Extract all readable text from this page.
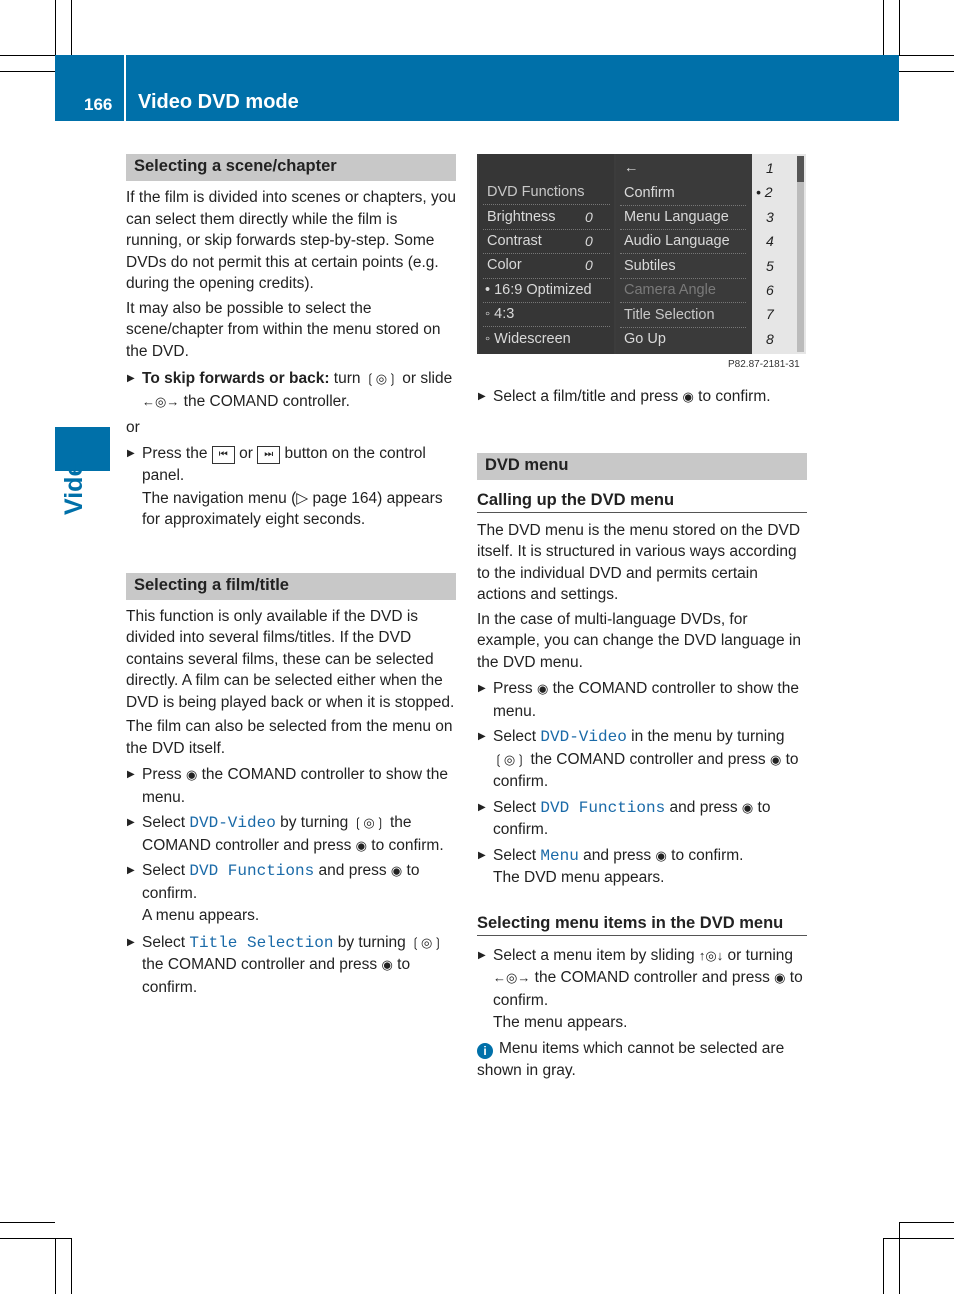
166 Video DVD mode
Video
Selecting a scene/chapter

If the film is divided into scenes or chapters, you can select them directly while the film is running, or skip forwards step-by-step. Some DVDs do not permit this at certain points (e.g. during the opening credits).

It may also be possible to select the scene/chapter from within the menu stored on the DVD.

▶ To skip forwards or back: turn ❲◎❳ or slide ←◎→ the COMAND controller.

or

▶ Press the ⏮ or ⏭ button on the control panel.
The navigation menu (▷ page 164) appears for approximately eight seconds.
Selecting a film/title

This function is only available if the DVD is divided into several films/titles. If the DVD contains several films, these can be selected directly. A film can be selected either when the DVD is being played back or when it is stopped.

The film can also be selected from the menu on the DVD itself.

▶ Press ◉ the COMAND controller to show the menu.
▶ Select DVD-Video by turning ❲◎❳ the COMAND controller and press ◉ to confirm.
▶ Select DVD Functions and press ◉ to confirm.
A menu appears.
▶ Select Title Selection by turning ❲◎❳ the COMAND controller and press ◉ to confirm.
DVD Functions
Brightness 0
Contrast	0
Color	0
• 16:9 Optimized
◦ 4:3
◦ Widescreen
←
Confirm
Menu Language
Audio Language
Subtiles
Camera Angle
Title Selection
Go Up
1
• 2
3
4
5
6
7
8
P82.87-2181-31
▶ Select a film/title and press ◉ to confirm.
DVD menu
Calling up the DVD menu

The DVD menu is the menu stored on the DVD itself. It is structured in various ways according to the individual DVD and permits certain actions and settings.

In the case of multi-language DVDs, for example, you can change the DVD language in the DVD menu.

▶ Press ◉ the COMAND controller to show the menu.
▶ Select DVD-Video in the menu by turning ❲◎❳ the COMAND controller and press ◉ to confirm.
▶ Select DVD Functions and press ◉ to confirm.
▶ Select Menu and press ◉ to confirm.
The DVD menu appears.
Selecting menu items in the DVD menu
▶ Select a menu item by sliding ↑◎↓ or turning ←◎→ the COMAND controller and press ◉ to confirm.
The menu appears.
i Menu items which cannot be selected are shown in gray.
